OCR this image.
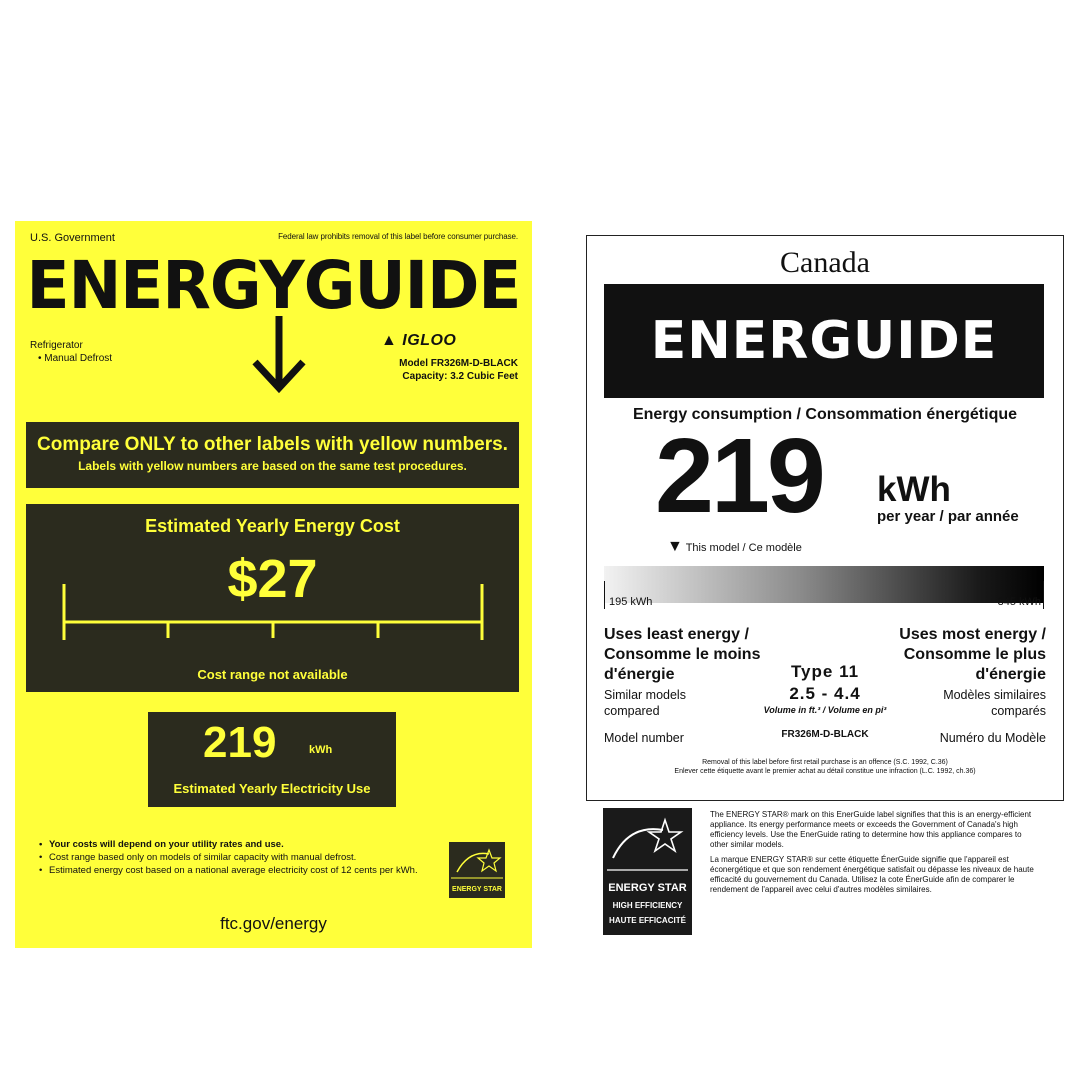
U.S. Government	Federal law prohibits removal of this label before consumer purchase.
ENERGYGUIDE
Refrigerator
• Manual Defrost
▲ IGLOO
Model FR326M-D-BLACK
Capacity: 3.2 Cubic Feet
Compare ONLY to other labels with yellow numbers.
Labels with yellow numbers are based on the same test procedures.
Estimated Yearly Energy Cost
$27
Cost range not available
219	kWh
Estimated Yearly Electricity Use
• Your costs will depend on your utility rates and use.
• Cost range based only on models of similar capacity with manual defrost.
• Estimated energy cost based on a national average electricity cost of 12 cents per kWh.
ENERGY STAR
ftc.gov/energy
Canada
ENERGUIDE
Energy consumption / Consommation énergétique
219 kWh
per year / par année
▼ This model / Ce modèle
195 kWh	345 kWh
Uses least energy /
Consomme le moins
d'énergie
Uses most energy /
Consomme le plus
d'énergie
Type 11
2.5 - 4.4
Volume in ft.³ / Volume en pi³
Similar models
compared
Modèles similaires
comparés
Model number	FR326M-D-BLACK	Numéro du Modèle
Removal of this label before first retail purchase is an offence (S.C. 1992, C.36)
Enlever cette étiquette avant le premier achat au détail constitue une infraction (L.C. 1992, ch.36)
ENERGY STAR
HIGH EFFICIENCY
HAUTE EFFICACITÉ

The ENERGY STAR® mark on this EnerGuide label signifies that this is an energy-efficient appliance. Its energy performance meets or exceeds the Government of Canada's high efficiency levels. Use the EnerGuide rating to determine how this appliance compares to other similar models.

La marque ENERGY STAR® sur cette étiquette ÉnerGuide signifie que l'appareil est éconergétique et que son rendement énergétique satisfait ou dépasse les niveaux de haute efficacité du gouvernement du Canada. Utilisez la cote ÉnerGuide afin de comparer le rendement de l'appareil avec celui d'autres modèles similaires.
